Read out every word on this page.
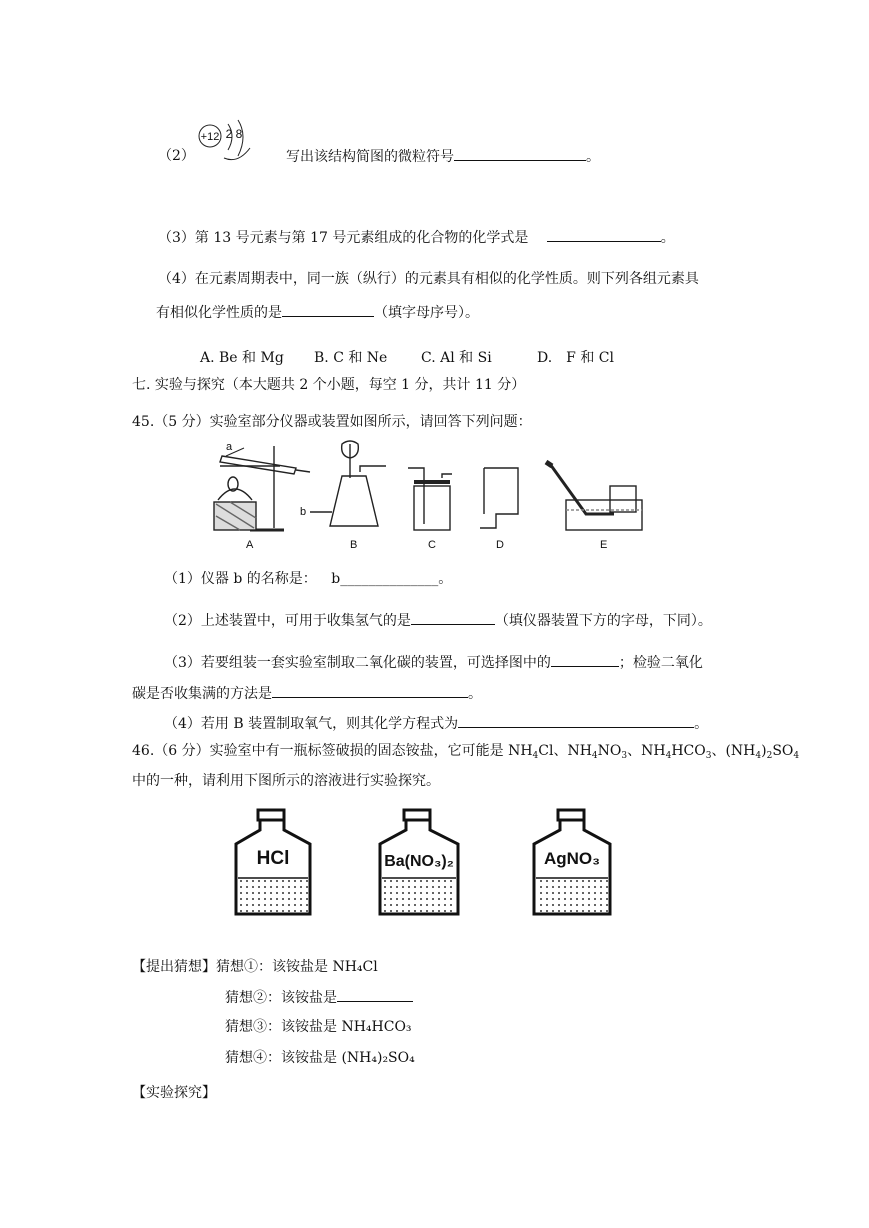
（2）
+12 2 8
写出该结构简图的微粒符号	。
（3）第 13 号元素与第 17 号元素组成的化合物的化学式是	。
（4）在元素周期表中，同一族（纵行）的元素具有相似的化学性质。则下列各组元素具
有相似化学性质的是	（填字母序号）。
A. Be 和 Mg B. C 和 Ne C. Al 和 Si	D.　F 和 Cl
七. 实验与探究（本大题共 2 个小题，每空 1 分，共计 11 分）
45.（5 分）实验室部分仪器或装置如图所示，请回答下列问题：
a
b
A	B	C	D	E
（1）仪器 b 的名称是： b______________。
（2）上述装置中，可用于收集氢气的是	（填仪器装置下方的字母，下同）。
（3）若要组装一套实验室制取二氧化碳的装置，可选择图中的	；检验二氧化
碳是否收集满的方法是	。
（4）若用 B 装置制取氧气，则其化学方程式为	。
46.（6 分）实验室中有一瓶标签破损的固态铵盐，它可能是 $NH_4Cl$、$NH_4NO_3$、$NH_4HCO_3$、$(NH_4)_2SO_4$
中的一种，请利用下图所示的溶液进行实验探究。
HCl	Ba(NO₃)₂	AgNO₃
【提出猜想】猜想①：该铵盐是 NH₄Cl
猜想②：该铵盐是
猜想③：该铵盐是 NH₄HCO₃
猜想④：该铵盐是 (NH₄)₂SO₄
【实验探究】
